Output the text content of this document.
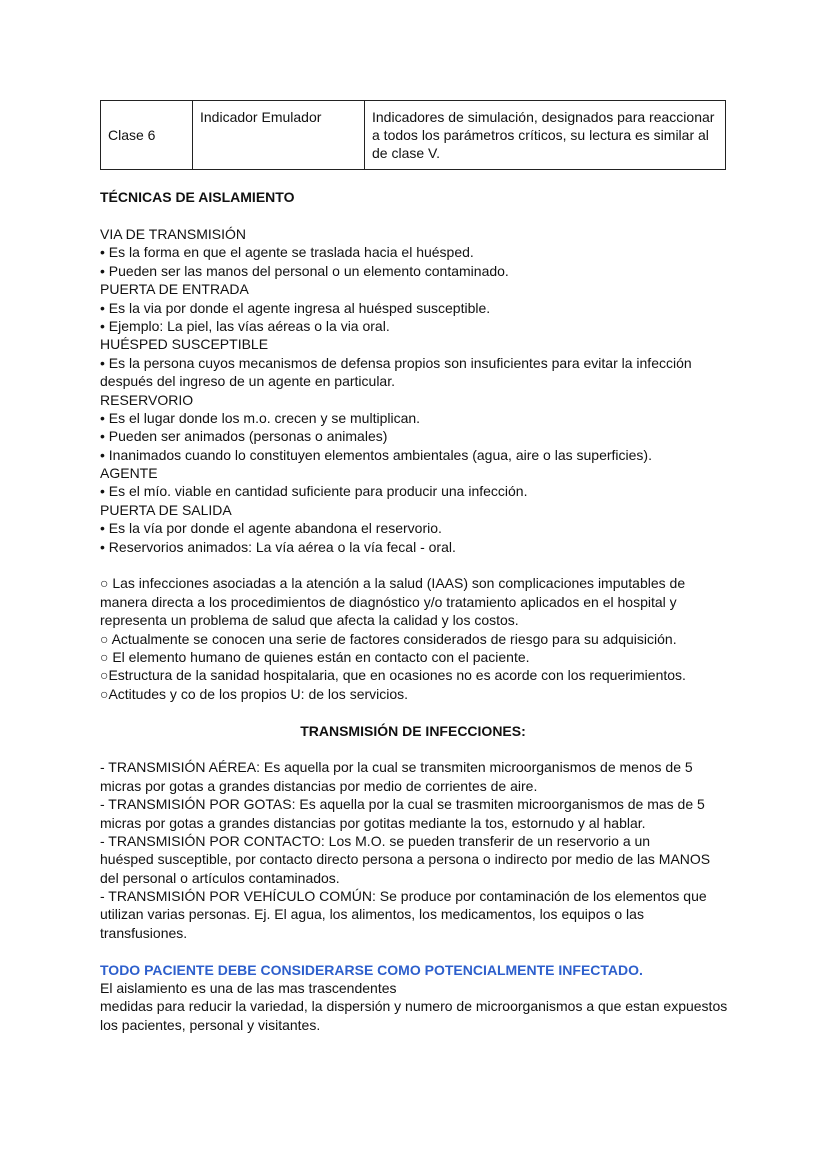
Clase 6
Indicador Emulador	Indicadores de simulación, designados para reaccionar
a todos los parámetros críticos, su lectura es similar al
de clase V.
TÉCNICAS DE AISLAMIENTO
VIA DE TRANSMISIÓN
• Es la forma en que el agente se traslada hacia el huésped.
• Pueden ser las manos del personal o un elemento contaminado.
PUERTA DE ENTRADA
• Es la via por donde el agente ingresa al huésped susceptible.
• Ejemplo: La piel, las vías aéreas o la via oral.
HUÉSPED SUSCEPTIBLE
• Es la persona cuyos mecanismos de defensa propios son insuficientes para evitar la infección
después del ingreso de un agente en particular.
RESERVORIO
• Es el lugar donde los m.o. crecen y se multiplican.
• Pueden ser animados (personas o animales)
• Inanimados cuando lo constituyen elementos ambientales (agua, aire o las superficies).
AGENTE
• Es el mío. viable en cantidad suficiente para producir una infección.
PUERTA DE SALIDA
• Es la vía por donde el agente abandona el reservorio.
• Reservorios animados: La vía aérea o la vía fecal - oral.
○ Las infecciones asociadas a la atención a la salud (IAAS) son complicaciones imputables de
manera directa a los procedimientos de diagnóstico y/o tratamiento aplicados en el hospital y
representa un problema de salud que afecta la calidad y los costos.
○ Actualmente se conocen una serie de factores considerados de riesgo para su adquisición.
○ El elemento humano de quienes están en contacto con el paciente.
○Estructura de la sanidad hospitalaria, que en ocasiones no es acorde con los requerimientos.
○Actitudes y co de los propios U: de los servicios.
TRANSMISIÓN DE INFECCIONES:
- TRANSMISIÓN AÉREA: Es aquella por la cual se transmiten microorganismos de menos de 5
micras por gotas a grandes distancias por medio de corrientes de aire.
- TRANSMISIÓN POR GOTAS: Es aquella por la cual se trasmiten microorganismos de mas de 5
micras por gotas a grandes distancias por gotitas mediante la tos, estornudo y al hablar.
- TRANSMISIÓN POR CONTACTO: Los M.O. se pueden transferir de un reservorio a un
huésped susceptible, por contacto directo persona a persona o indirecto por medio de las MANOS
del personal o artículos contaminados.
- TRANSMISIÓN POR VEHÍCULO COMÚN: Se produce por contaminación de los elementos que
utilizan varias personas. Ej. El agua, los alimentos, los medicamentos, los equipos o las
transfusiones.
TODO PACIENTE DEBE CONSIDERARSE COMO POTENCIALMENTE INFECTADO.
El aislamiento es una de las mas trascendentes
medidas para reducir la variedad, la dispersión y numero de microorganismos a que estan expuestos
los pacientes, personal y visitantes.
